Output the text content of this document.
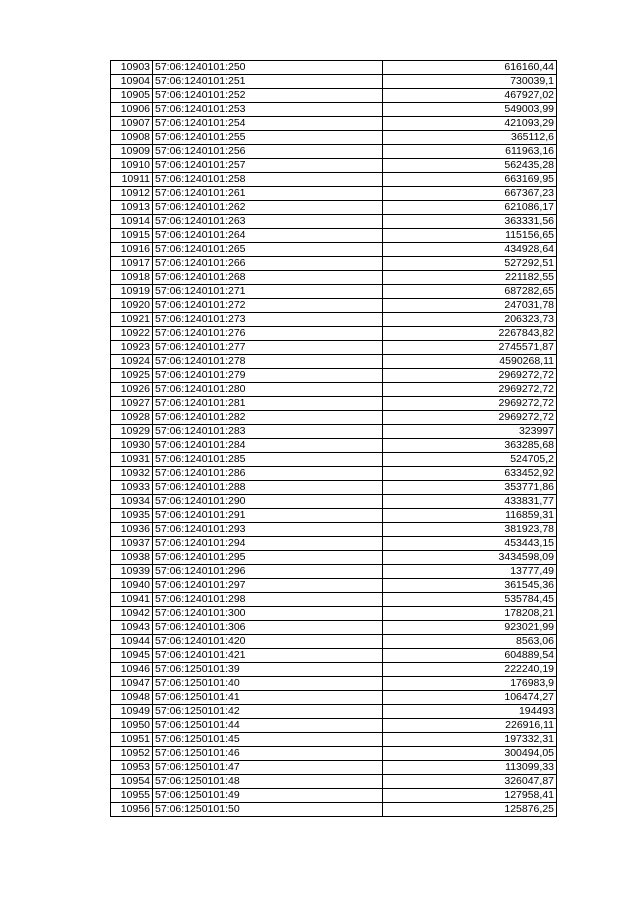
10903	57:06:1240101:250	616160,44
10904	57:06:1240101:251	730039,1
10905	57:06:1240101:252	467927,02
10906	57:06:1240101:253	549003,99
10907	57:06:1240101:254	421093,29
10908	57:06:1240101:255	365112,6
10909	57:06:1240101:256	611963,16
10910	57:06:1240101:257	562435,28
10911	57:06:1240101:258	663169,95
10912	57:06:1240101:261	667367,23
10913	57:06:1240101:262	621086,17
10914	57:06:1240101:263	363331,56
10915	57:06:1240101:264	115156,65
10916	57:06:1240101:265	434928,64
10917	57:06:1240101:266	527292,51
10918	57:06:1240101:268	221182,55
10919	57:06:1240101:271	687282,65
10920	57:06:1240101:272	247031,78
10921	57:06:1240101:273	206323,73
10922	57:06:1240101:276	2267843,82
10923	57:06:1240101:277	2745571,87
10924	57:06:1240101:278	4590268,11
10925	57:06:1240101:279	2969272,72
10926	57:06:1240101:280	2969272,72
10927	57:06:1240101:281	2969272,72
10928	57:06:1240101:282	2969272,72
10929	57:06:1240101:283	323997
10930	57:06:1240101:284	363285,68
10931	57:06:1240101:285	524705,2
10932	57:06:1240101:286	633452,92
10933	57:06:1240101:288	353771,86
10934	57:06:1240101:290	433831,77
10935	57:06:1240101:291	116859,31
10936	57:06:1240101:293	381923,78
10937	57:06:1240101:294	453443,15
10938	57:06:1240101:295	3434598,09
10939	57:06:1240101:296	13777,49
10940	57:06:1240101:297	361545,36
10941	57:06:1240101:298	535784,45
10942	57:06:1240101:300	178208,21
10943	57:06:1240101:306	923021,99
10944	57:06:1240101:420	8563,06
10945	57:06:1240101:421	604889,54
10946	57:06:1250101:39	222240,19
10947	57:06:1250101:40	176983,9
10948	57:06:1250101:41	106474,27
10949	57:06:1250101:42	194493
10950	57:06:1250101:44	226916,11
10951	57:06:1250101:45	197332,31
10952	57:06:1250101:46	300494,05
10953	57:06:1250101:47	113099,33
10954	57:06:1250101:48	326047,87
10955	57:06:1250101:49	127958,41
10956	57:06:1250101:50	125876,25
